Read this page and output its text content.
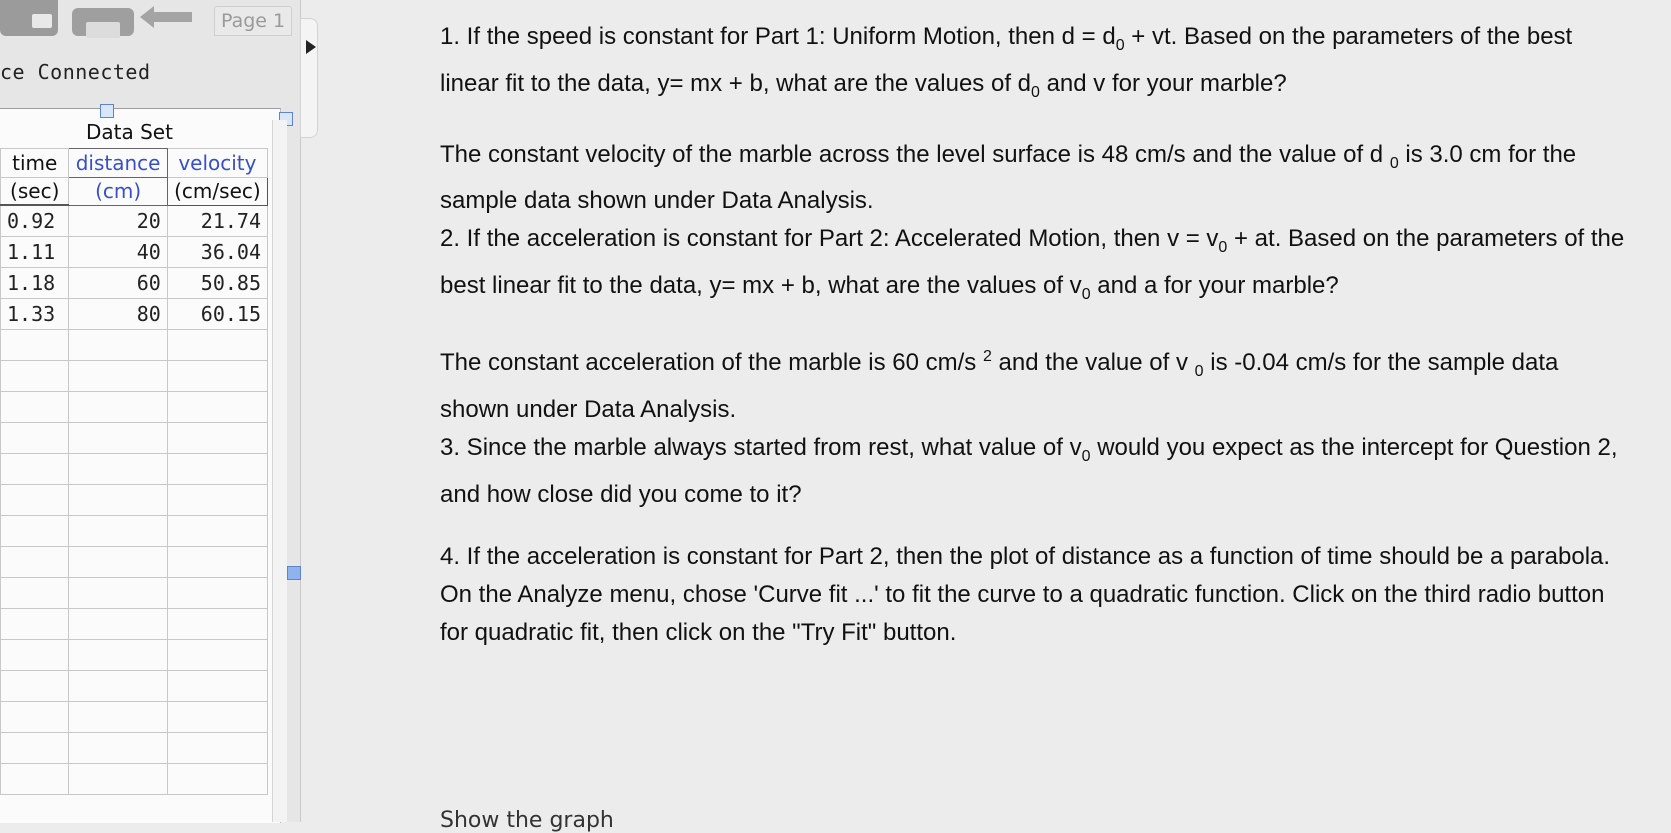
Page 1
ce Connected
Data Set
time	distance	velocity
(sec)	(cm)	(cm/sec)
0.92	20	21.74
1.11	40	36.04
1.18	60	50.85
1.33	80	60.15

1. If the speed is constant for Part 1: Uniform Motion, then $d = d_0$ + vt. Based on the parameters of the best linear fit to the data, y= mx + b, what are the values of $d_0$ and v for your marble?

The constant velocity of the marble across the level surface is 48 cm/s and the value of d $_0$ is 3.0 cm for the sample data shown under Data Analysis.

2. If the acceleration is constant for Part 2: Accelerated Motion, then $v = v_0$ + at. Based on the parameters of the best linear fit to the data, y= mx + b, what are the values of $v_0$ and a for your marble?

The constant acceleration of the marble is 60 cm/s $^2$ and the value of v $_0$ is -0.04 cm/s for the sample data shown under Data Analysis.

3. Since the marble always started from rest, what value of $v_0$ would you expect as the intercept for Question 2, and how close did you come to it?

4. If the acceleration is constant for Part 2, then the plot of distance as a function of time should be a parabola. On the Analyze menu, chose 'Curve fit ...' to fit the curve to a quadratic function. Click on the third radio button for quadratic fit, then click on the "Try Fit" button.

Show the graph
